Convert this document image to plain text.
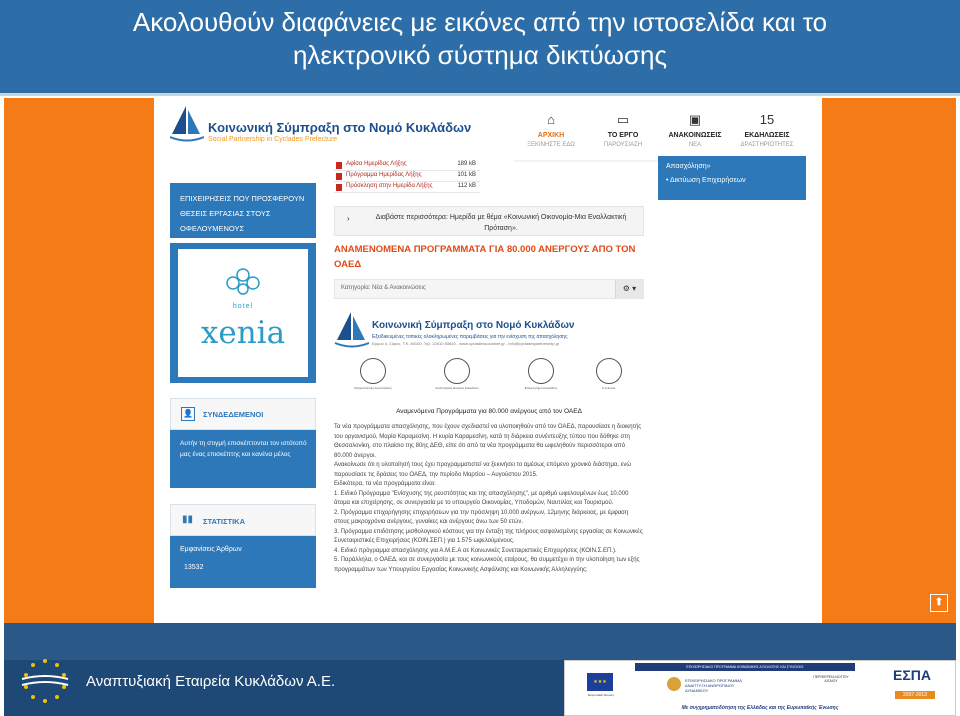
Ακολουθούν διαφάνειες με εικόνες από την ιστοσελίδα και το
ηλεκτρονικό σύστημα δικτύωσης
Κοινωνική Σύμπραξη στο Νομό Κυκλάδων
Social Partnership in Cyclades Prefecture
⌂
ΑΡΧΙΚΗ
ΞΕΚΙΝΗΣΤΕ ΕΔΩ
▭
ΤΟ ΕΡΓΟ
ΠΑΡΟΥΣΙΑΣΗ
▣
ΑΝΑΚΟΙΝΩΣΕΙΣ
ΝΕΑ
15
ΕΚΔΗΛΩΣΕΙΣ
ΔΡΑΣΤΗΡΙΟΤΗΤΕΣ
Απασχόληση»
• Δικτύωση Επιχειρήσεων
ΕΠΙΧΕΙΡΗΣΕΙΣ ΠΟΥ ΠΡΟΣΦΕΡΟΥΝ
ΘΕΣΕΙΣ ΕΡΓΑΣΙΑΣ ΣΤΟΥΣ
ΟΦΕΛΟΥΜΕΝΟΥΣ
hotel
xenia
👤 ΣΥΝΔΕΔΕΜΕΝΟΙ
Αυτήν τη στιγμή επισκέπτονται τον ιστότοπό μας ένας επισκέπτης και κανένα μέλος
▮▮ ΣΤΑΤΙΣΤΙΚΑ
Εμφανίσεις Άρθρων
13532
Αφίσα Ημερίδας Λήξης	189 kB
Πρόγραμμα Ημερίδας Λήξης	101 kB
Πρόσκληση στην Ημερίδα Λήξης	112 kB
›	Διαβάστε περισσότερα: Ημερίδα με θέμα «Κοινωνική Οικονομία-Μια Εναλλακτική Πρόταση».
ΑΝΑΜΕΝΟΜΕΝΑ ΠΡΟΓΡΑΜΜΑΤΑ ΓΙΑ 80.000 ΑΝΕΡΓΟΥΣ ΑΠΟ ΤΟΝ ΟΑΕΔ
Κατηγορία: Νέα & Ανακοινώσεις	⚙ ▾
Κοινωνική Σύμπραξη στο Νομό Κυκλάδων
Εξειδικευμένες τοπικές ολοκληρωμένες παρεμβάσεις για την ενίσχυση της απασχόλησης
Ερμού 4, Σύρος, Τ.Κ. 84100, Τηλ: 22810 83810 - www.cycladessocialnet.gr - info@cycladespartnership.gr
Μητροπολιτική Αναπτυξιακή	Αναπτυξιακή Εταιρεία Κυκλάδων	Επιμελητήριο Κυκλάδων	Κ.Α.Ε.Α.Ε.
Αναμενόμενα Προγράμματα για 80.000 ανέργους από τον ΟΑΕΔ

Τα νέα προγράμματα απασχόλησης, που έχουν σχεδιαστεί να υλοποιηθούν από τον ΟΑΕΔ, παρουσίασε η διοικητής του οργανισμού, Μαρία Καραμεσίνη. Η κυρία Καραμεσίνη, κατά τη διάρκεια συνέντευξης τύπου που δόθηκε στη Θεσσαλονίκη, στο πλαίσιο της 80ης ΔΕΘ, είπε ότι από τα νέα προγράμματα θα ωφεληθούν περισσότεροι από 80.000 άνεργοι.

Ανακοίνωσε ότι η υλοποίησή τους έχει προγραμματιστεί να ξεκινήσει το αμέσως επόμενο χρονικό διάστημα, ενώ παρουσίασε τις δράσεις του ΟΑΕΔ, την περίοδο Μαρτίου – Αυγούστου 2015.

Ειδικότερα, τα νέα προγράμματα είναι:

1. Ειδικό Πρόγραμμα "Ενίσχυσης της ρευστότητας και της απασχόλησης", με αριθμό ωφελουμένων έως 10.000 άτομα και επιχείρησης, σε συνεργασία με το υπουργείο Οικονομίας, Υποδομών, Ναυτιλίας και Τουρισμού.

2. Πρόγραμμα επιχορήγησης επιχειρήσεων για την πρόσληψη 10.000 ανέργων, 12μηνης διάρκειας, με έμφαση στους μακροχρόνια ανέργους, γυναίκες και ανέργους άνω των 50 ετών.

3. Πρόγραμμα επιδότησης μισθολογικού κόστους για την ένταξη της πλήρους ασφαλισμένης εργασίας σε Κοινωνικές Συνεταιριστικές Επιχειρήσεις (ΚΟΙΝ.ΣΕΠ.) για 1.575 ωφελούμενους.

4. Ειδικό πρόγραμμα απασχόλησης για Α.Μ.Ε.Α σε Κοινωνικές Συνεταιριστικές Επιχειρήσεις (ΚΟΙΝ.Σ.ΕΠ.).

5. Παράλληλα, ο ΟΑΕΔ, και σε συνεργασία με τους κοινωνικούς εταίρους, θα συμμετέχει in την υλοποίηση των εξής προγραμμάτων των Υπουργείου Εργασίας Κοινωνικής Ασφάλισης και Κοινωνικής Αλληλεγγύης:

⬆
Αναπτυξιακή Εταιρεία Κυκλάδων Α.Ε.
ΕΠΙΧΕΙΡΗΣΙΑΚΟ ΠΡΟΓΡΑΜΜΑ ΚΟΙΝΩΝΙΚΗΣ ΑΞΙΟΛΟΓΗΣ ΚΑΙ ΣΥΝΟΧΗΣ
★★★
Ευρωπαϊκή Ένωση
ΕΠΙΧΕΙΡΗΣΙΑΚΟ ΠΡΟΓΡΑΜΜΑ ΑΝΑΠΤΥΞΗ ΑΝΘΡΩΠΙΝΟΥ ΔΥΝΑΜΙΚΟΥ
ΠΕΡΙΦΕΡΕΙΑ ΝΟΤΙΟΥ ΑΙΓΑΙΟΥ	ΕΣΠΑ
2007-2013
Με συγχρηματοδότηση της Ελλάδας και της Ευρωπαϊκής Ένωσης
